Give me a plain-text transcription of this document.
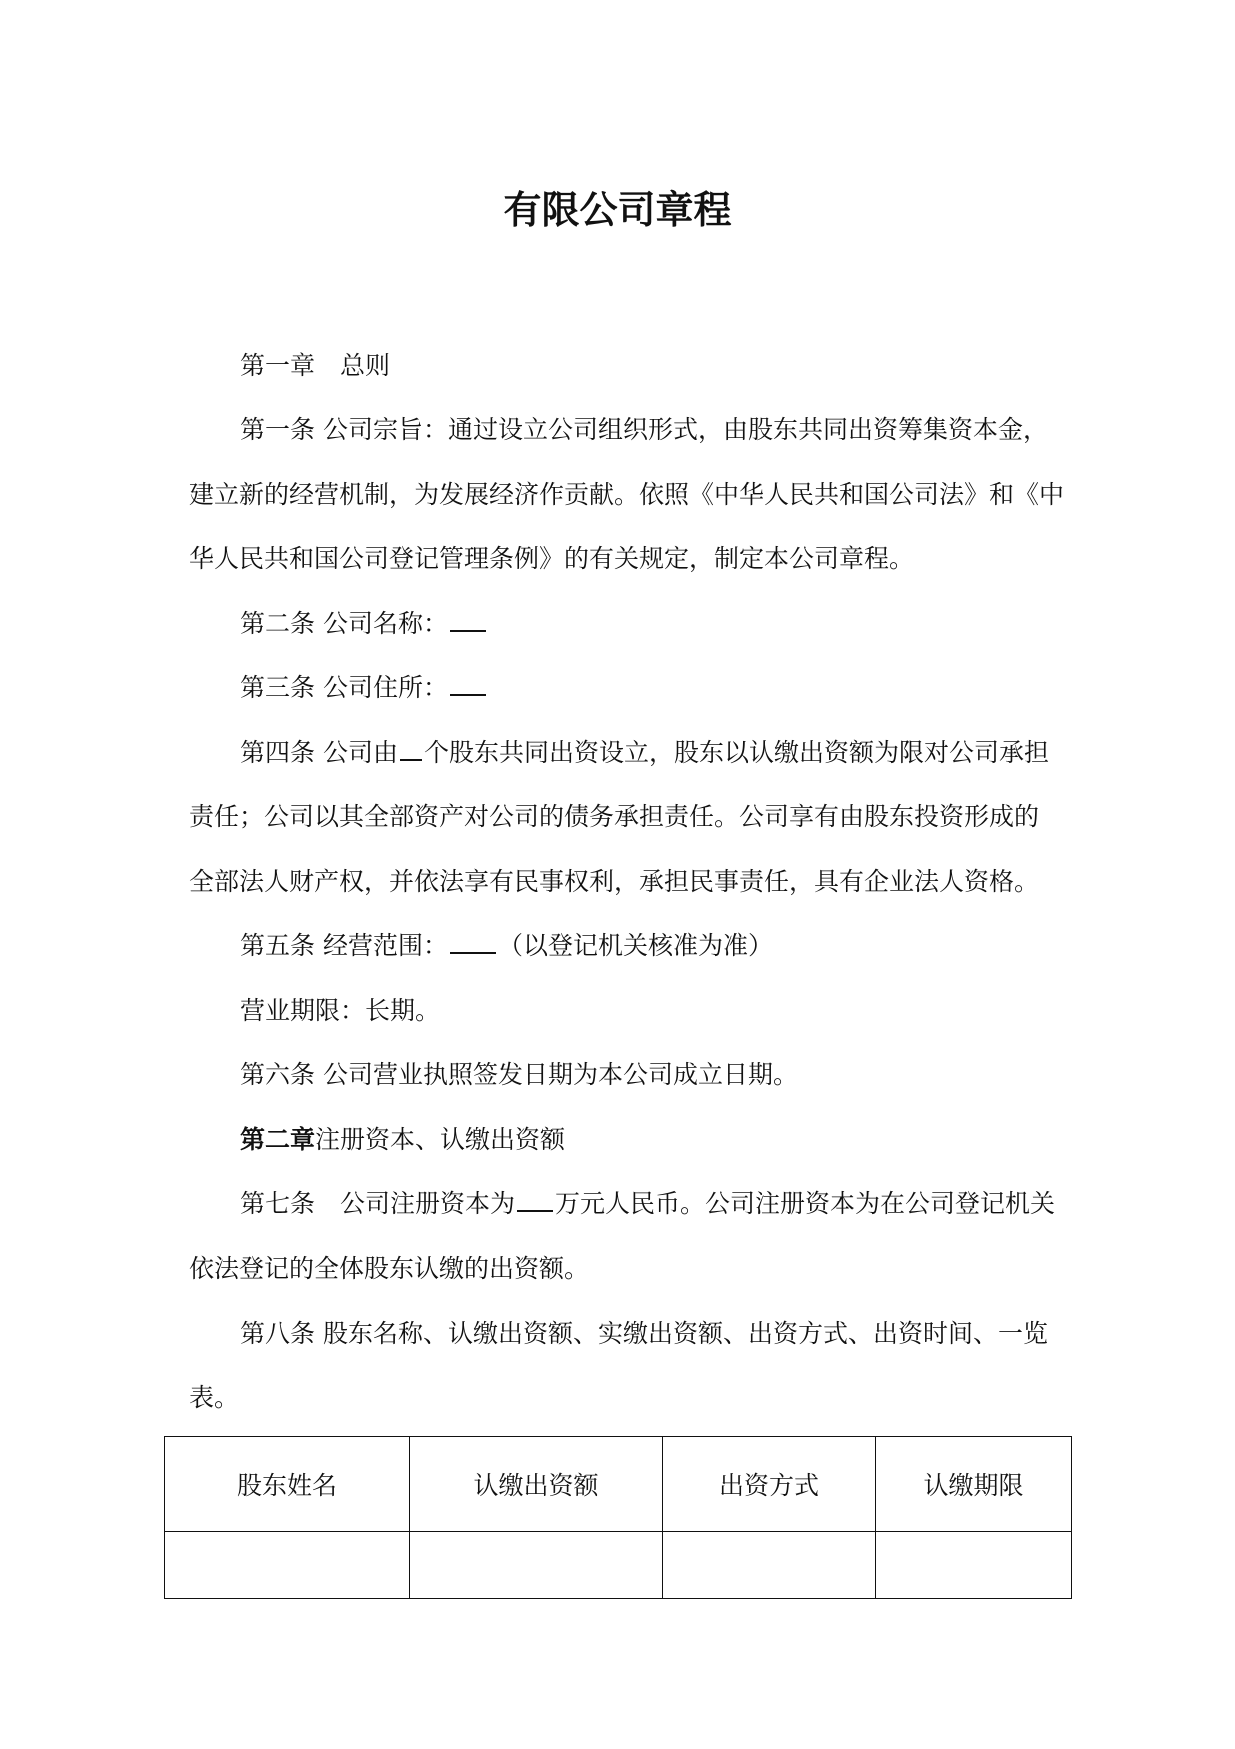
有限公司章程

第一章　总则

第一条 公司宗旨：通过设立公司组织形式，由股东共同出资筹集资本金，

建立新的经营机制，为发展经济作贡献。依照《中华人民共和国公司法》和《中

华人民共和国公司登记管理条例》的有关规定，制定本公司章程。

第二条 公司名称：

第三条 公司住所：

第四条 公司由 个股东共同出资设立，股东以认缴出资额为限对公司承担

责任；公司以其全部资产对公司的债务承担责任。公司享有由股东投资形成的

全部法人财产权，并依法享有民事权利，承担民事责任，具有企业法人资格。

第五条 经营范围： （以登记机关核准为准）

营业期限：长期。

第六条 公司营业执照签发日期为本公司成立日期。

第二章注册资本、认缴出资额

第七条　公司注册资本为 万元人民币。公司注册资本为在公司登记机关

依法登记的全体股东认缴的出资额。

第八条 股东名称、认缴出资额、实缴出资额、出资方式、出资时间、一览

表。

股东姓名	认缴出资额	出资方式	认缴期限
